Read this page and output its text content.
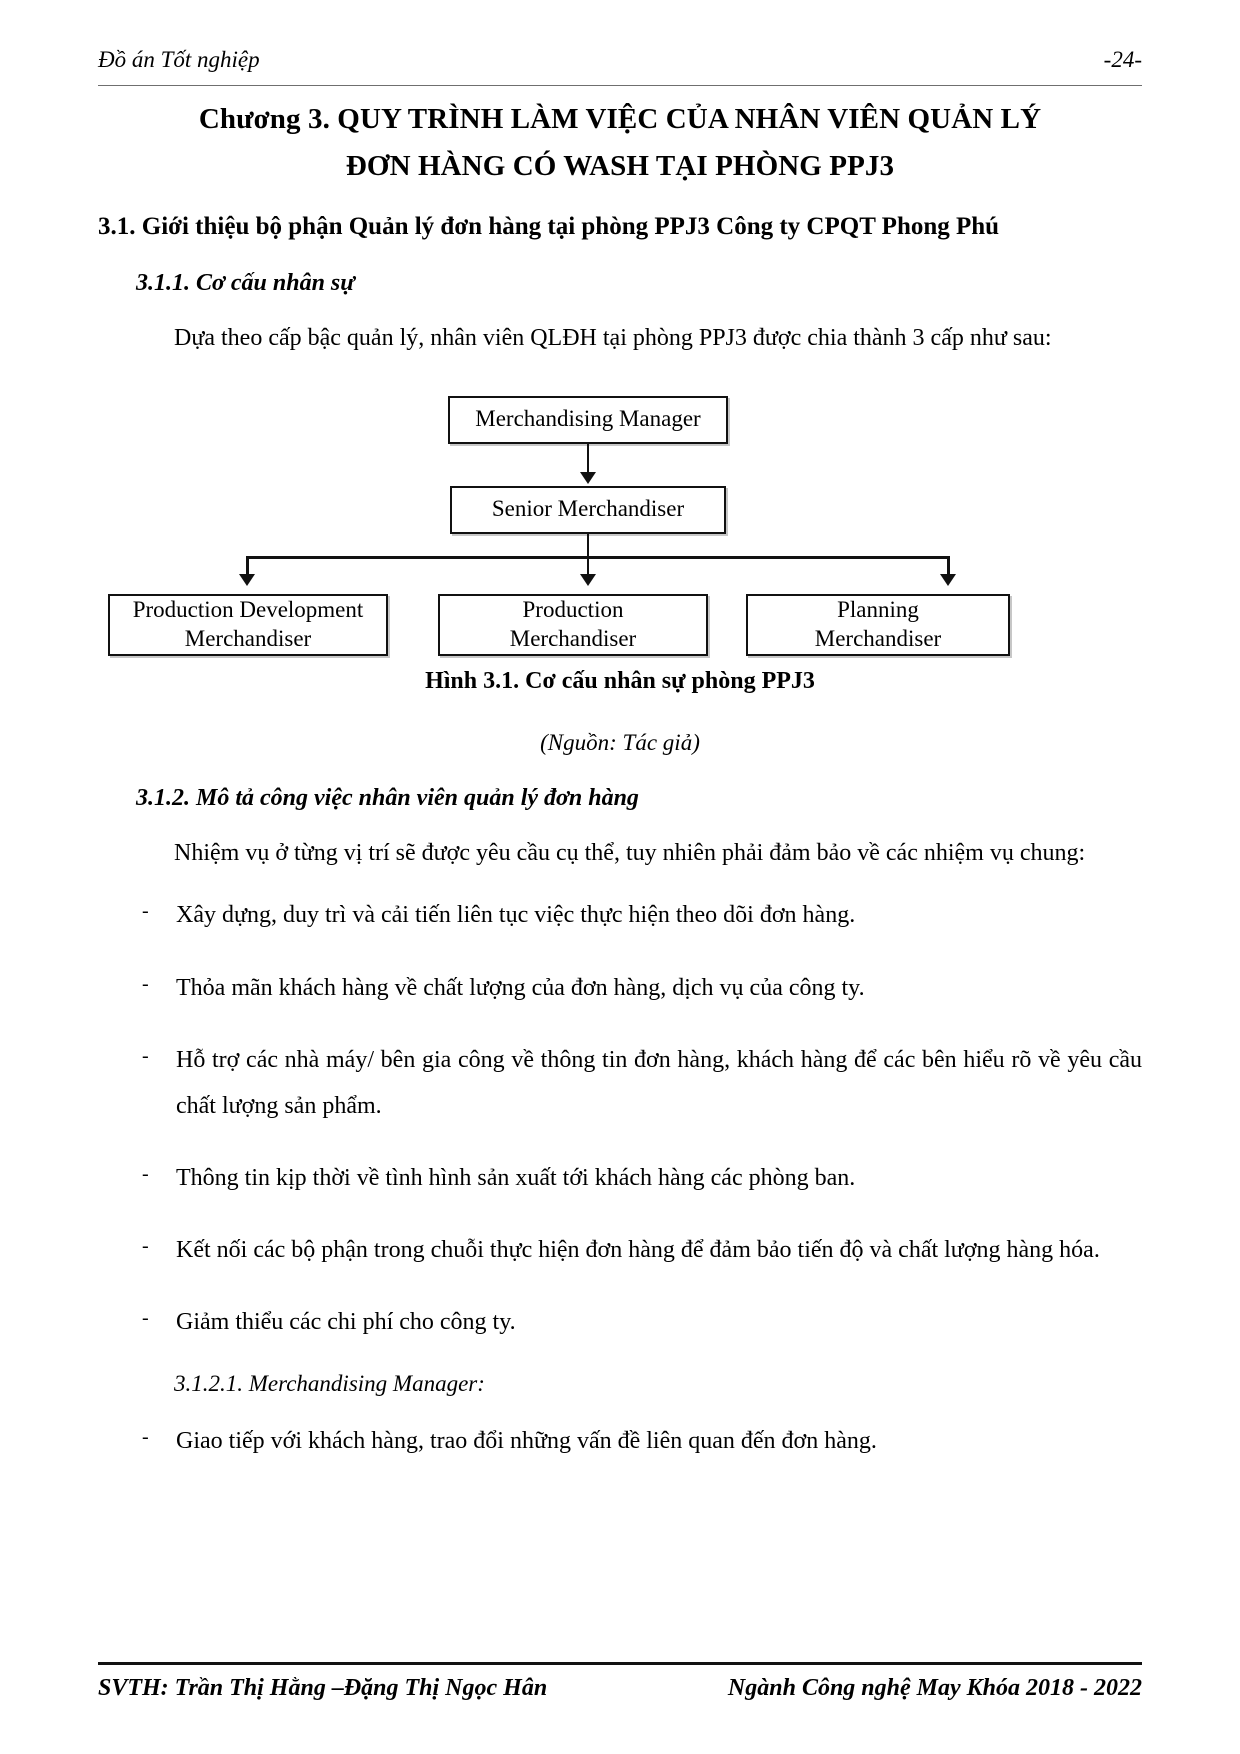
Đồ án Tốt nghiệp	-24-
Chương 3. QUY TRÌNH LÀM VIỆC CỦA NHÂN VIÊN QUẢN LÝ
ĐƠN HÀNG CÓ WASH TẠI PHÒNG PPJ3
3.1. Giới thiệu bộ phận Quản lý đơn hàng tại phòng PPJ3 Công ty CPQT Phong Phú
3.1.1. Cơ cấu nhân sự

Dựa theo cấp bậc quản lý, nhân viên QLĐH tại phòng PPJ3 được chia thành 3 cấp như sau:

Merchandising Manager
Senior Merchandiser
Production Development
Merchandiser
Production
Merchandiser
Planning
Merchandiser
Hình 3.1. Cơ cấu nhân sự phòng PPJ3
(Nguồn: Tác giả)
3.1.2. Mô tả công việc nhân viên quản lý đơn hàng

Nhiệm vụ ở từng vị trí sẽ được yêu cầu cụ thể, tuy nhiên phải đảm bảo về các nhiệm vụ chung:

- Xây dựng, duy trì và cải tiến liên tục việc thực hiện theo dõi đơn hàng.
- Thỏa mãn khách hàng về chất lượng của đơn hàng, dịch vụ của công ty.
- Hỗ trợ các nhà máy/ bên gia công về thông tin đơn hàng, khách hàng để các bên hiểu rõ về yêu cầu chất lượng sản phẩm.
- Thông tin kịp thời về tình hình sản xuất tới khách hàng các phòng ban.
- Kết nối các bộ phận trong chuỗi thực hiện đơn hàng để đảm bảo tiến độ và chất lượng hàng hóa.
- Giảm thiểu các chi phí cho công ty.
3.1.2.1. Merchandising Manager:
- Giao tiếp với khách hàng, trao đổi những vấn đề liên quan đến đơn hàng.
SVTH: Trần Thị Hằng –Đặng Thị Ngọc Hân	Ngành Công nghệ May Khóa 2018 - 2022
